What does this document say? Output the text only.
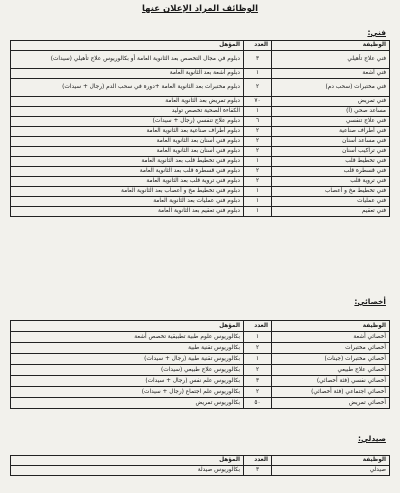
الوظائف المراد الإعلان عنها
فني:
الوظيفة	العدد	المؤهل
فني علاج تأهيلي	٣	دبلوم في مجال التخصص بعد الثانوية العامة أو بكالوريوس علاج تأهيلي (سيدات)
فني أشعة	١	دبلوم أشعة بعد الثانوية العامة
فني مختبرات (سحب دم)	٢	دبلوم مختبرات بعد الثانوية العامة +دورة في سحب الدم (رجال + سيدات)
فني تمريض	٧٠	دبلوم تمريض بعد الثانوية العامة
مساعد صحي (أ)	١	الكفاءة الصحية تخصص توليد
فني علاج تنفسي	٦	دبلوم علاج تنفسي (رجال + سيدات)
فني أطراف صناعية	٢	دبلوم أطراف صناعية بعد الثانوية العامة
فني مساعد أسنان	٢	دبلوم فني أسنان بعد الثانوية العامة
فني تراكيب أسنان	٢	دبلوم فني أسنان بعد الثانوية العامة
فني تخطيط قلب	١	دبلوم فني تخطيط قلب بعد الثانوية العامة
فني قسطرة قلب	٢	دبلوم فني قسطرة قلب بعد الثانوية العامة
فني تروية قلب	٢	دبلوم فني تروية قلب بعد الثانوية العامة
فني تخطيط مخ و أعصاب	١	دبلوم فني تخطيط مخ و أعصاب بعد الثانوية العامة
فني عمليات	١	دبلوم فني عمليات بعد الثانوية العامة
فني تعقيم	١	دبلوم فني تعقيم بعد الثانوية العامة
أخصائي:
الوظيفة	العدد	المؤهل
أخصائي أشعة	١	بكالوريوس علوم طبية تطبيقية تخصص أشعة
أخصائي مختبرات	٢	بكالوريوس تقنية طبية
أخصائي مختبرات (جينات)	١	بكالوريوس تقنية طبية (رجال + سيدات)
أخصائي علاج طبيعي	٢	بكالوريوس علاج طبيعي (سيدات)
أخصائي نفسي (فئة أخصائي)	٣	بكالوريوس علم نفس (رجال + سيدات)
أخصائي اجتماعي (فئة أخصائي)	٢	بكالوريوس علم اجتماع (رجال + سيدات)
أخصائي تمريض	٥٠	بكالوريوس تمريض
صيدلي:
الوظيفة	العدد	المؤهل
صيدلي	٣	بكالوريوس صيدلة
